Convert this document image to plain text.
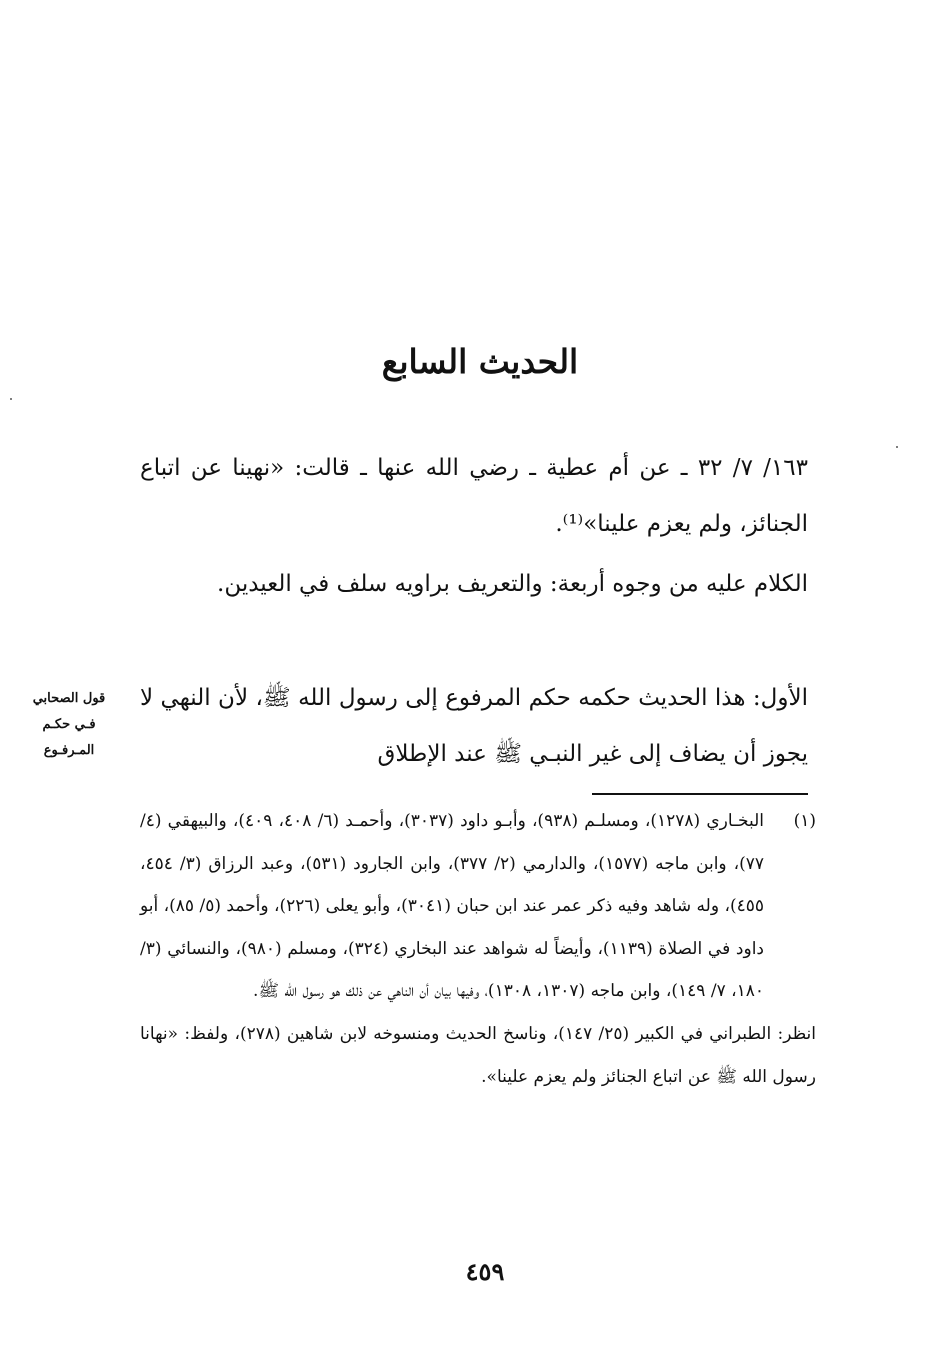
الحديث السابع

١٦٣/ ٧/ ٣٢ ـ عن أم عطية ـ رضي الله عنها ـ قالت: «نهينا عن اتباع الجنائز، ولم يعزم علينا»⁽¹⁾.

الكلام عليه من وجوه أربعة: والتعريف براويه سلف في العيدين.

الأول: هذا الحديث حكمه حكم المرفوع إلى رسول الله ﷺ، لأن النهي لا يجوز أن يضاف إلى غير النبـي ﷺ عند الإطلاق

قول الصحابي
فـي حكـم
المـرفـوع
(١)

البخـاري (١٢٧٨)، ومسلـم (٩٣٨)، وأبـو داود (٣٠٣٧)، وأحمـد (٦/ ٤٠٨، ٤٠٩)، والبيهقي (٤/ ٧٧)، وابن ماجه (١٥٧٧)، والدارمي (٢/ ٣٧٧)، وابن الجارود (٥٣١)، وعبد الرزاق (٣/ ٤٥٤، ٤٥٥)، وله شاهد وفيه ذكر عمر عند ابن حبان (٣٠٤١)، وأبو يعلى (٢٢٦)، وأحمد (٥/ ٨٥)، أبو داود في الصلاة (١١٣٩)، وأيضاً له شواهد عند البخاري (٣٢٤)، ومسلم (٩٨٠)، والنسائي (٣/ ١٨٠، ٧/ ١٤٩)، وابن ماجه (١٣٠٧، ١٣٠٨)، وفيها بيان أن الناهي عن ذلك هو رسول الله ﷺ.

انظر: الطبراني في الكبير (٢٥/ ١٤٧)، وناسخ الحديث ومنسوخه لابن شاهين (٢٧٨)، ولفظ: «نهانا رسول الله ﷺ عن اتباع الجنائز ولم يعزم علينا».

٤٥٩
